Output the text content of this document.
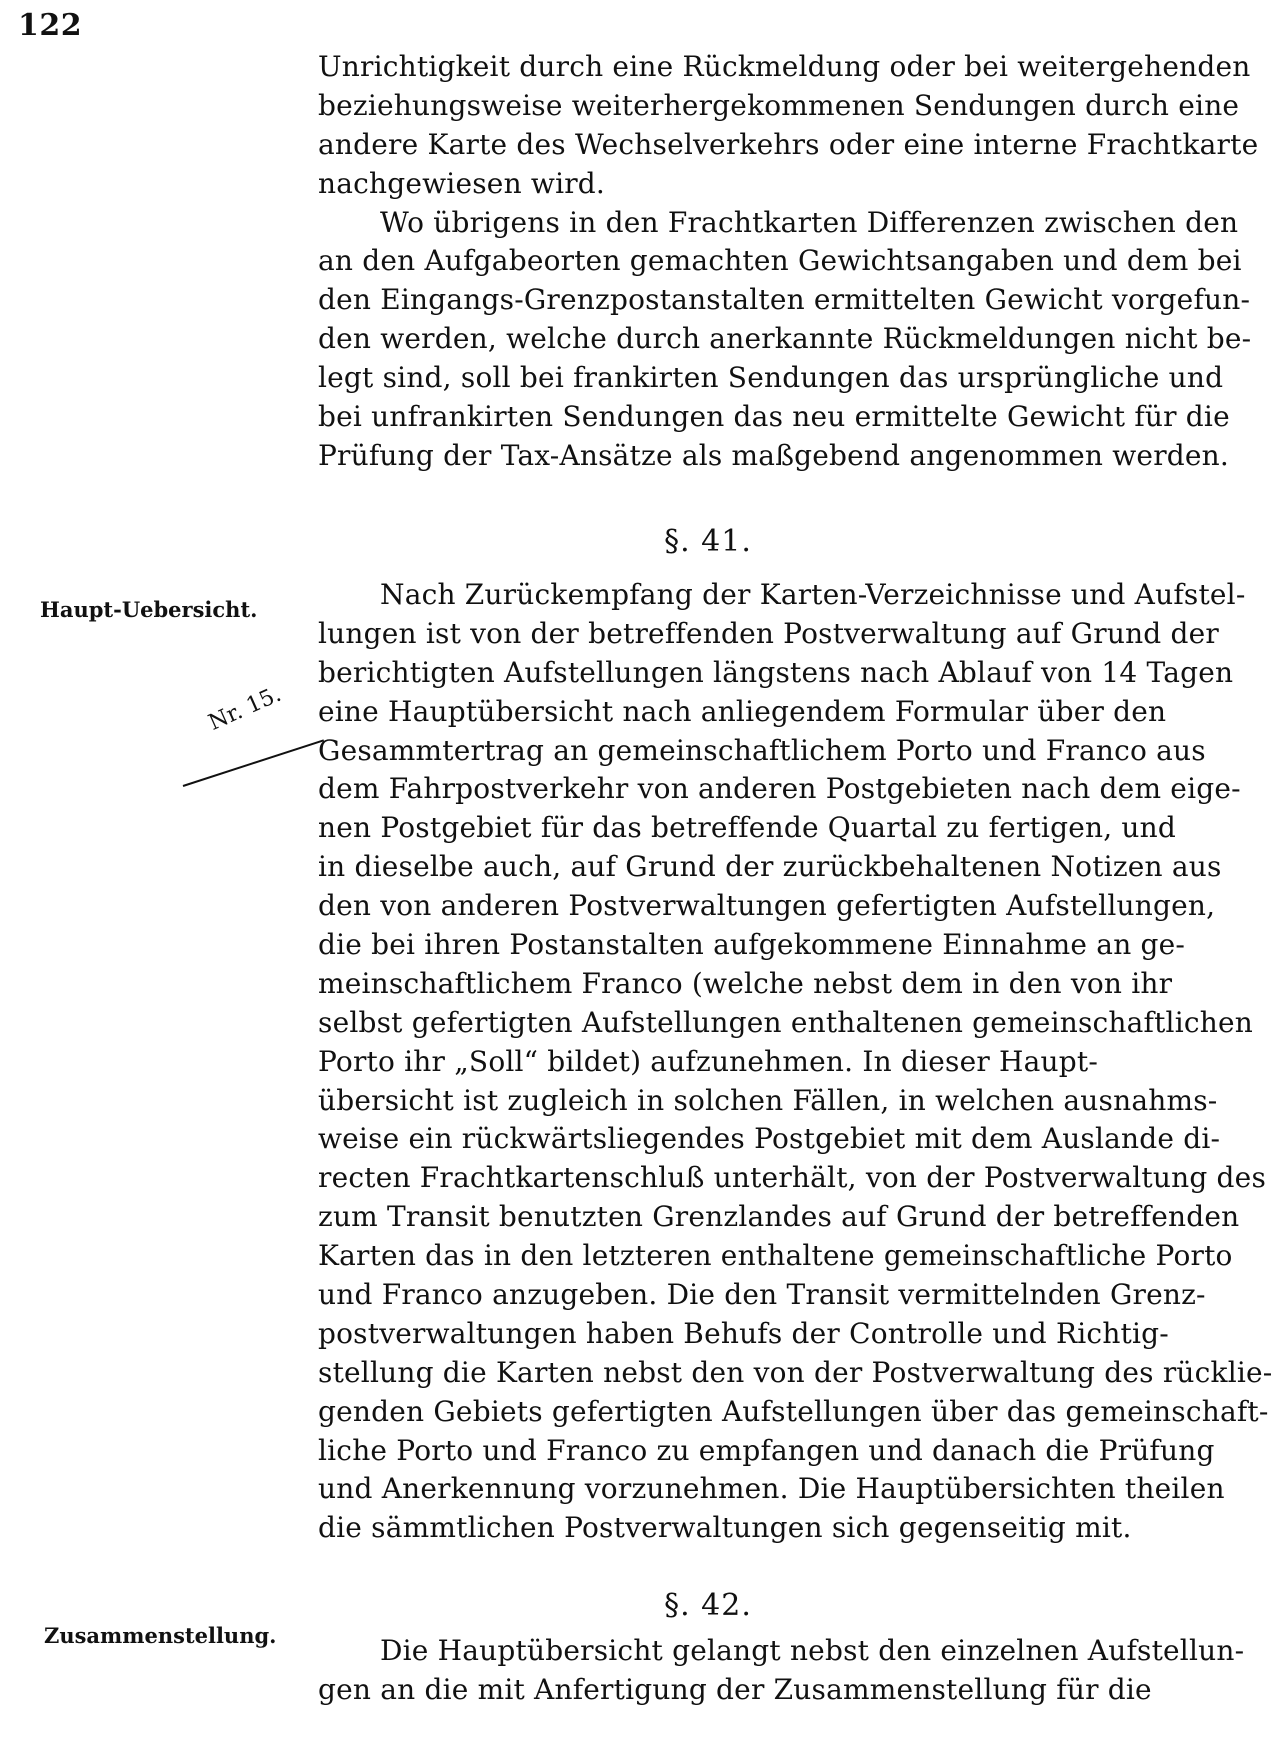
122
Unrichtigkeit durch eine Rückmeldung oder bei weitergehenden
beziehungsweise weiterhergekommenen Sendungen durch eine
andere Karte des Wechselverkehrs oder eine interne Frachtkarte
nachgewiesen wird.
Wo übrigens in den Frachtkarten Differenzen zwischen den
an den Aufgabeorten gemachten Gewichtsangaben und dem bei
den Eingangs-Grenzpostanstalten ermittelten Gewicht vorgefun-
den werden, welche durch anerkannte Rückmeldungen nicht be-
legt sind, soll bei frankirten Sendungen das ursprüngliche und
bei unfrankirten Sendungen das neu ermittelte Gewicht für die
Prüfung der Tax-Ansätze als maßgebend angenommen werden.
§. 41.
Haupt-Uebersicht.
Nr. 15.
Nach Zurückempfang der Karten-Verzeichnisse und Aufstel-
lungen ist von der betreffenden Postverwaltung auf Grund der
berichtigten Aufstellungen längstens nach Ablauf von 14 Tagen
eine Hauptübersicht nach anliegendem Formular über den
Gesammtertrag an gemeinschaftlichem Porto und Franco aus
dem Fahrpostverkehr von anderen Postgebieten nach dem eige-
nen Postgebiet für das betreffende Quartal zu fertigen, und
in dieselbe auch, auf Grund der zurückbehaltenen Notizen aus
den von anderen Postverwaltungen gefertigten Aufstellungen,
die bei ihren Postanstalten aufgekommene Einnahme an ge-
meinschaftlichem Franco (welche nebst dem in den von ihr
selbst gefertigten Aufstellungen enthaltenen gemeinschaftlichen
Porto ihr „Soll“ bildet) aufzunehmen. In dieser Haupt-
übersicht ist zugleich in solchen Fällen, in welchen ausnahms-
weise ein rückwärtsliegendes Postgebiet mit dem Auslande di-
recten Frachtkartenschluß unterhält, von der Postverwaltung des
zum Transit benutzten Grenzlandes auf Grund der betreffenden
Karten das in den letzteren enthaltene gemeinschaftliche Porto
und Franco anzugeben. Die den Transit vermittelnden Grenz-
postverwaltungen haben Behufs der Controlle und Richtig-
stellung die Karten nebst den von der Postverwaltung des rücklie-
genden Gebiets gefertigten Aufstellungen über das gemeinschaft-
liche Porto und Franco zu empfangen und danach die Prüfung
und Anerkennung vorzunehmen. Die Hauptübersichten theilen
die sämmtlichen Postverwaltungen sich gegenseitig mit.
§. 42.
Zusammenstellung.	Die Hauptübersicht gelangt nebst den einzelnen Aufstellun-
gen an die mit Anfertigung der Zusammenstellung für die
